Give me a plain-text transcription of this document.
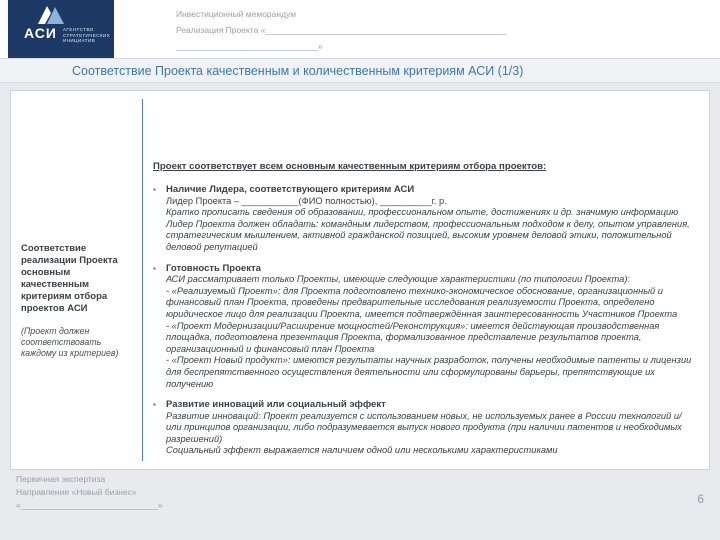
АСИ АГЕНТСТВО СТРАТЕГИЧЕСКИХ ИНИЦИАТИВ
Инвестиционный меморандум
Реализация Проекта «___________________________________________________
______________________________»
Соответствие Проекта качественным и количественным критериям АСИ (1/3)
Соответствие реализации Проекта основным качественным критериям отбора проектов АСИ
(Проект должен соответствовать каждому из критериев)
Проект соответствует всем основным качественным критериям отбора проектов:
▪ Наличие Лидера, соответствующего критериям АСИ
Лидер Проекта – ___________(ФИО полностью), __________г. р.
Кратко прописать сведения об образовании, профессиональном опыте, достижениях и др. значимую информацию Лидер Проекта должен обладать: командным лидерством, профессиональным подходом к делу, опытом управления, стратегическим мышлением, активной гражданской позицией, высоким уровнем деловой этики, положительной деловой репутацией
▪ Готовность Проекта
АСИ рассматривает только Проекты, имеющие следующие характеристики (по типологии Проекта):
- «Реализуемый Проект»: для Проекта подготовлено технико-экономическое обоснование, организационный и финансовый план Проекта, проведены предварительные исследования реализуемости Проекта, определено юридическое лицо для реализации Проекта, имеется подтверждённая заинтересованность Участников Проекта
- «Проект Модернизации/Расширение мощностей/Реконструкция»: имеется действующая производственная площадка, подготовлена презентация Проекта, формализованное представление результатов проекта, организационный и финансовый план Проекта
- «Проект Новый продукт»: имеются результаты научных разработок, получены необходимые патенты и лицензии для беспрепятственного осуществления деятельности или сформулированы барьеры, препятствующие их получению
▪ Развитие инноваций или социальный эффект
Развитие инноваций: Проект реализуется с использованием новых, не используемых ранее в России технологий и/или принципов организации, либо подразумевается выпуск нового продукта (при наличии патентов и необходимых разрешений)
Социальный эффект выражается наличием одной или несколькими характеристиками
Первичная экспертиза
Направление «Новый бизнес»
«_____________________________»	6
